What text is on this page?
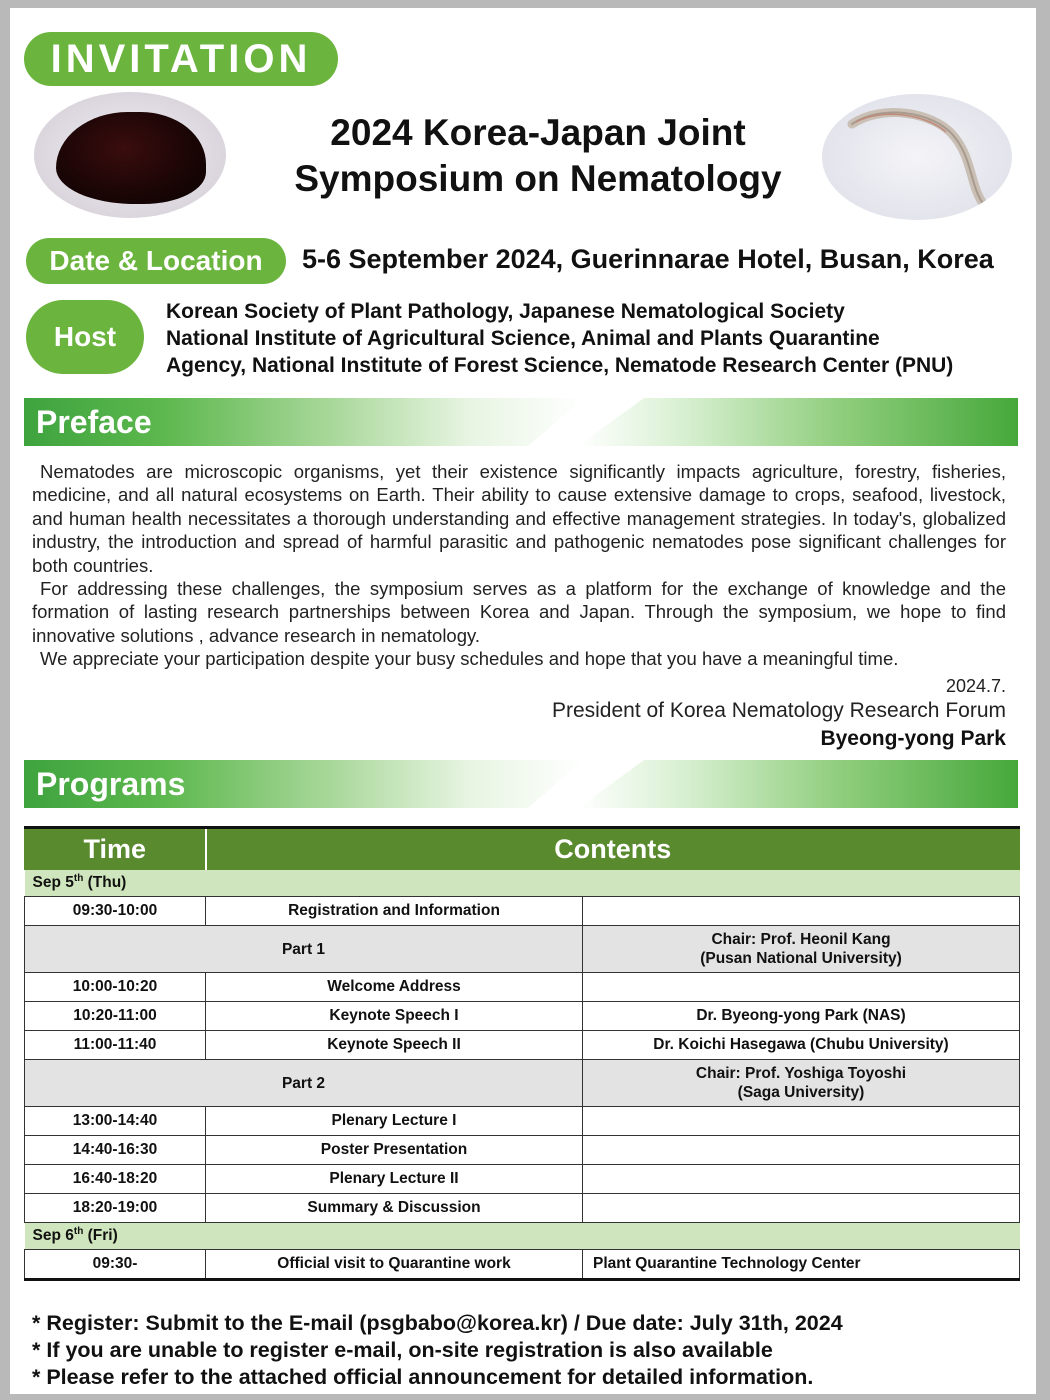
INVITATION
2024 Korea-Japan Joint
Symposium on Nematology
Date & Location	5-6 September 2024, Guerinnarae Hotel, Busan, Korea
Host
Korean Society of Plant Pathology, Japanese Nematological Society
National Institute of Agricultural Science, Animal and Plants Quarantine
Agency, National Institute of Forest Science, Nematode Research Center (PNU)
Preface

Nematodes are microscopic organisms, yet their existence significantly impacts agriculture, forestry, fisheries, medicine, and all natural ecosystems on Earth. Their ability to cause extensive damage to crops, seafood, livestock, and human health necessitates a thorough understanding and effective management strategies. In today's, globalized industry, the introduction and spread of harmful parasitic and pathogenic nematodes pose significant challenges for both countries.

For addressing these challenges, the symposium serves as a platform for the exchange of knowledge and the formation of lasting research partnerships between Korea and Japan. Through the symposium, we hope to find innovative solutions , advance research in nematology.

We appreciate your participation despite your busy schedules and hope that you have a meaningful time.

2024.7.
President of Korea Nematology Research Forum
Byeong-yong Park
Programs
Time	Contents	
Sep 5th (Thu)		
09:30-10:00	Registration and Information	
Part 1		Chair: Prof. Heonil Kang
(Pusan National University)

10:00-10:20	Welcome Address	
10:20-11:00	Keynote Speech I	Dr. Byeong-yong Park (NAS)
11:00-11:40	Keynote Speech II	Dr. Koichi Hasegawa (Chubu University)
Part 2		Chair: Prof. Yoshiga Toyoshi
(Saga University)

13:00-14:40	Plenary Lecture I	
14:40-16:30	Poster Presentation	
16:40-18:20	Plenary Lecture II	
18:20-19:00	Summary & Discussion	
Sep 6th (Fri)		
09:30-	Official visit to Quarantine work	Plant Quarantine Technology Center
* Register: Submit to the E-mail (psgbabo@korea.kr) / Due date: July 31th, 2024
* If you are unable to register e-mail, on-site registration is also available
* Please refer to the attached official announcement for detailed information.
